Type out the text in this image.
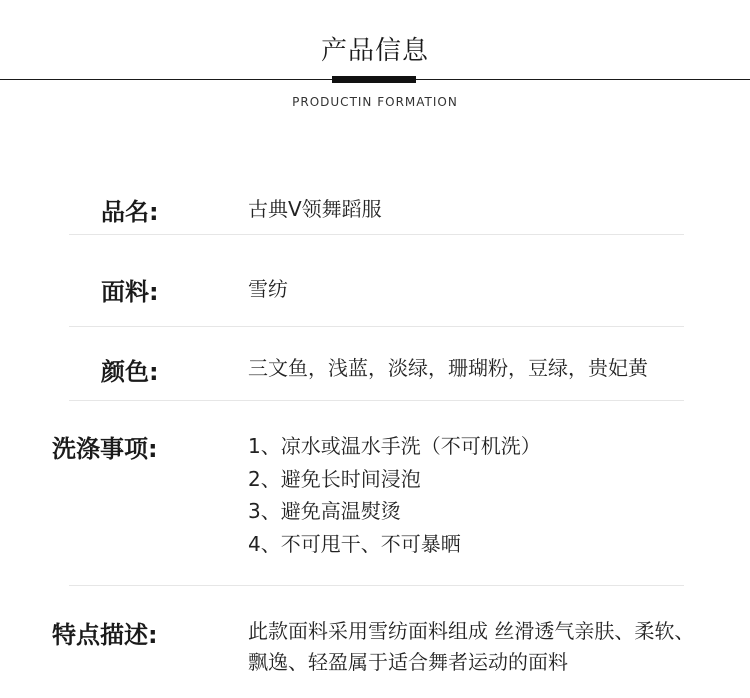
产品信息
PRODUCTIN FORMATION
品名:	古典V领舞蹈服
面料:	雪纺
颜色:	三文鱼，浅蓝，淡绿，珊瑚粉，豆绿，贵妃黄
洗涤事项:	1、凉水或温水手洗（不可机洗）
2、避免长时间浸泡
3、避免高温熨烫
4、不可甩干、不可暴晒
特点描述:	此款面料采用雪纺面料组成 丝滑透气亲肤、柔软、
飘逸、轻盈属于适合舞者运动的面料
